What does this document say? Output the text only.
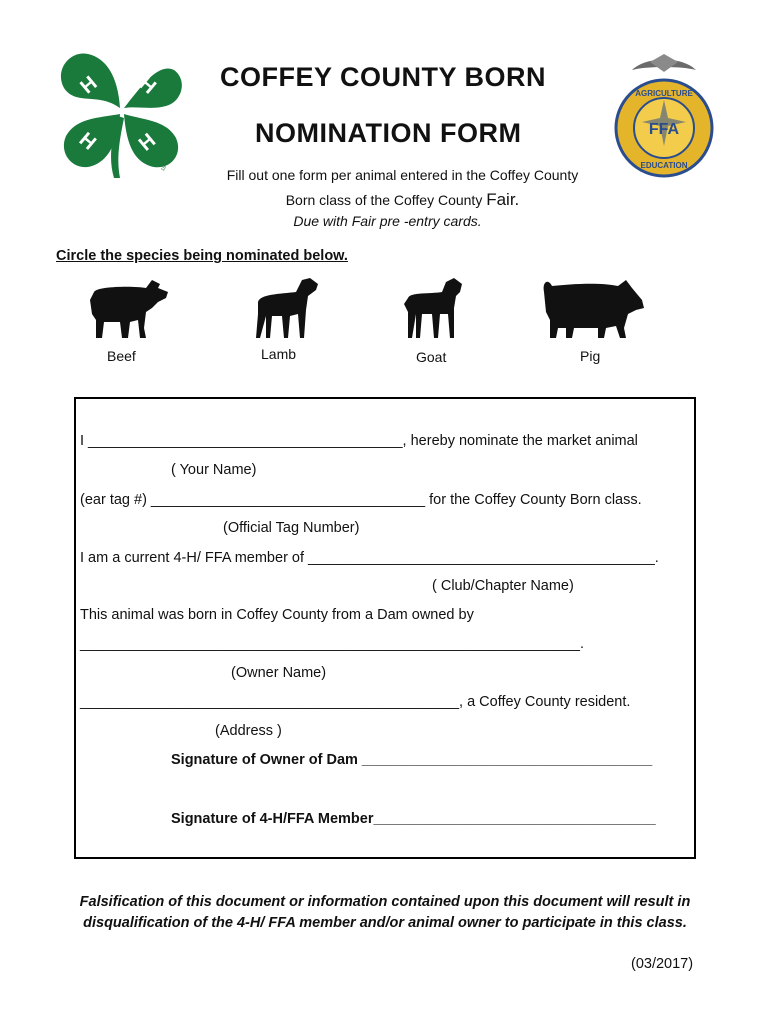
H H
H H
18 USC 707
FFA
AGRICULTURE
EDUCATION
COFFEY COUNTY BORN
NOMINATION FORM
Fill out one form per animal entered in the Coffey County
Born class of the Coffey County Fair.
Due with Fair pre -entry cards.
Circle the species being nominated below.
Beef	Lamb	Goat	Pig
I _______________________________________, hereby nominate the market animal
( Your Name)
(ear tag #) __________________________________ for the Coffey County Born class.
(Official Tag Number)
I am a current 4-H/ FFA member of ___________________________________________.
( Club/Chapter Name)
This animal was born in Coffey County from a Dam owned by
______________________________________________________________.
(Owner Name)
_______________________________________________, a Coffey County resident.
(Address )
Signature of Owner of Dam ____________________________________
Signature of 4-H/FFA Member___________________________________
Falsification of this document or information contained upon this document will result in
disqualification of the 4-H/ FFA member and/or animal owner to participate in this class.
(03/2017)
